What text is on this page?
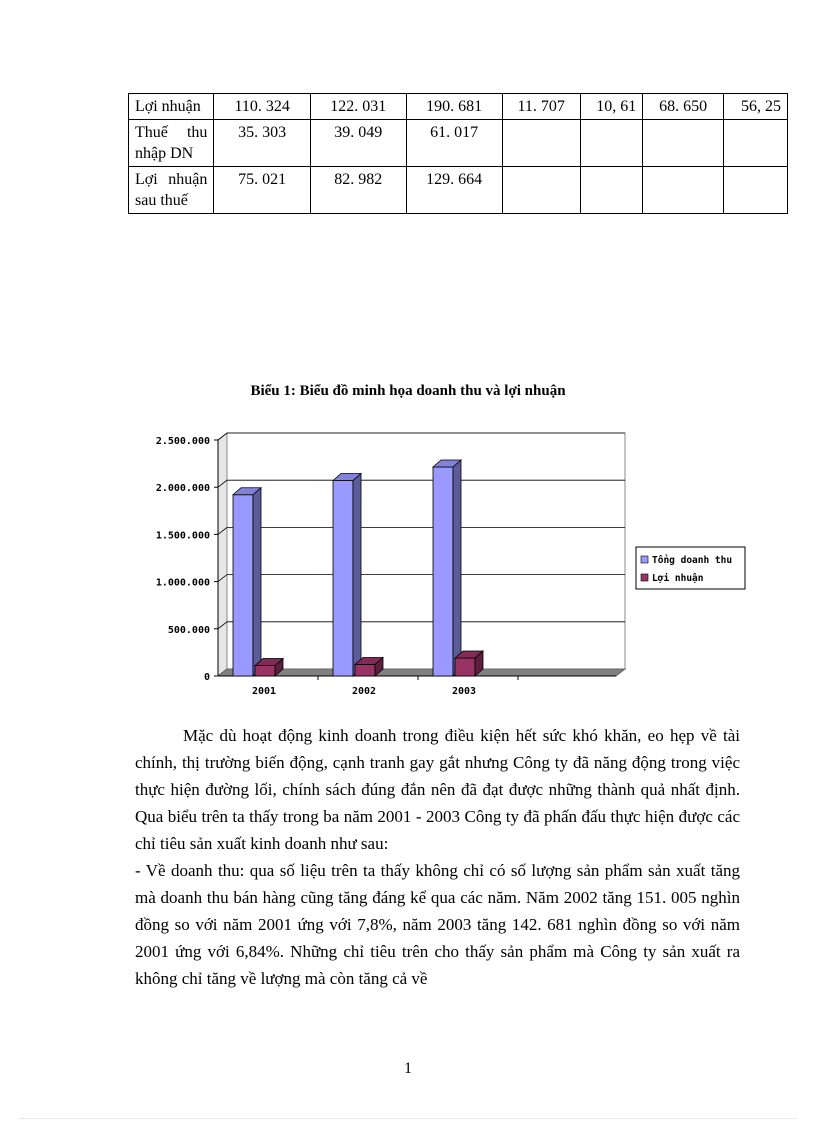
Lợi nhuận	110. 324	122. 031	190. 681	11. 707	10, 61	68. 650	56, 25
Thuế thu nhập DN	35. 303	39. 049	61. 017				
Lợi nhuận sau thuế	75. 021	82. 982	129. 664				
Biểu 1: Biểu đồ minh họa doanh thu và lợi nhuận
0
500.000
1.000.000
1.500.000
2.000.000
2.500.000
2001	2002	2003
Tổng doanh thu
Lợi nhuận

Mặc dù hoạt động kinh doanh trong điều kiện hết sức khó khăn, eo hẹp về tài chính, thị trường biến động, cạnh tranh gay gắt nhưng Công ty đã năng động trong việc thực hiện đường lối, chính sách đúng đắn nên đã đạt được những thành quả nhất định. Qua biểu trên ta thấy trong ba năm 2001 - 2003 Công ty đã phấn đấu thực hiện được các chỉ tiêu sản xuất kinh doanh như sau:

- Về doanh thu: qua số liệu trên ta thấy không chỉ có số lượng sản phẩm sản xuất tăng mà doanh thu bán hàng cũng tăng đáng kể qua các năm. Năm 2002 tăng 151. 005 nghìn đồng so với năm 2001 ứng với 7,8%, năm 2003 tăng 142. 681 nghìn đồng so với năm 2001 ứng với 6,84%. Những chỉ tiêu trên cho thấy sản phẩm mà Công ty sản xuất ra không chỉ tăng về lượng mà còn tăng cả về

1
